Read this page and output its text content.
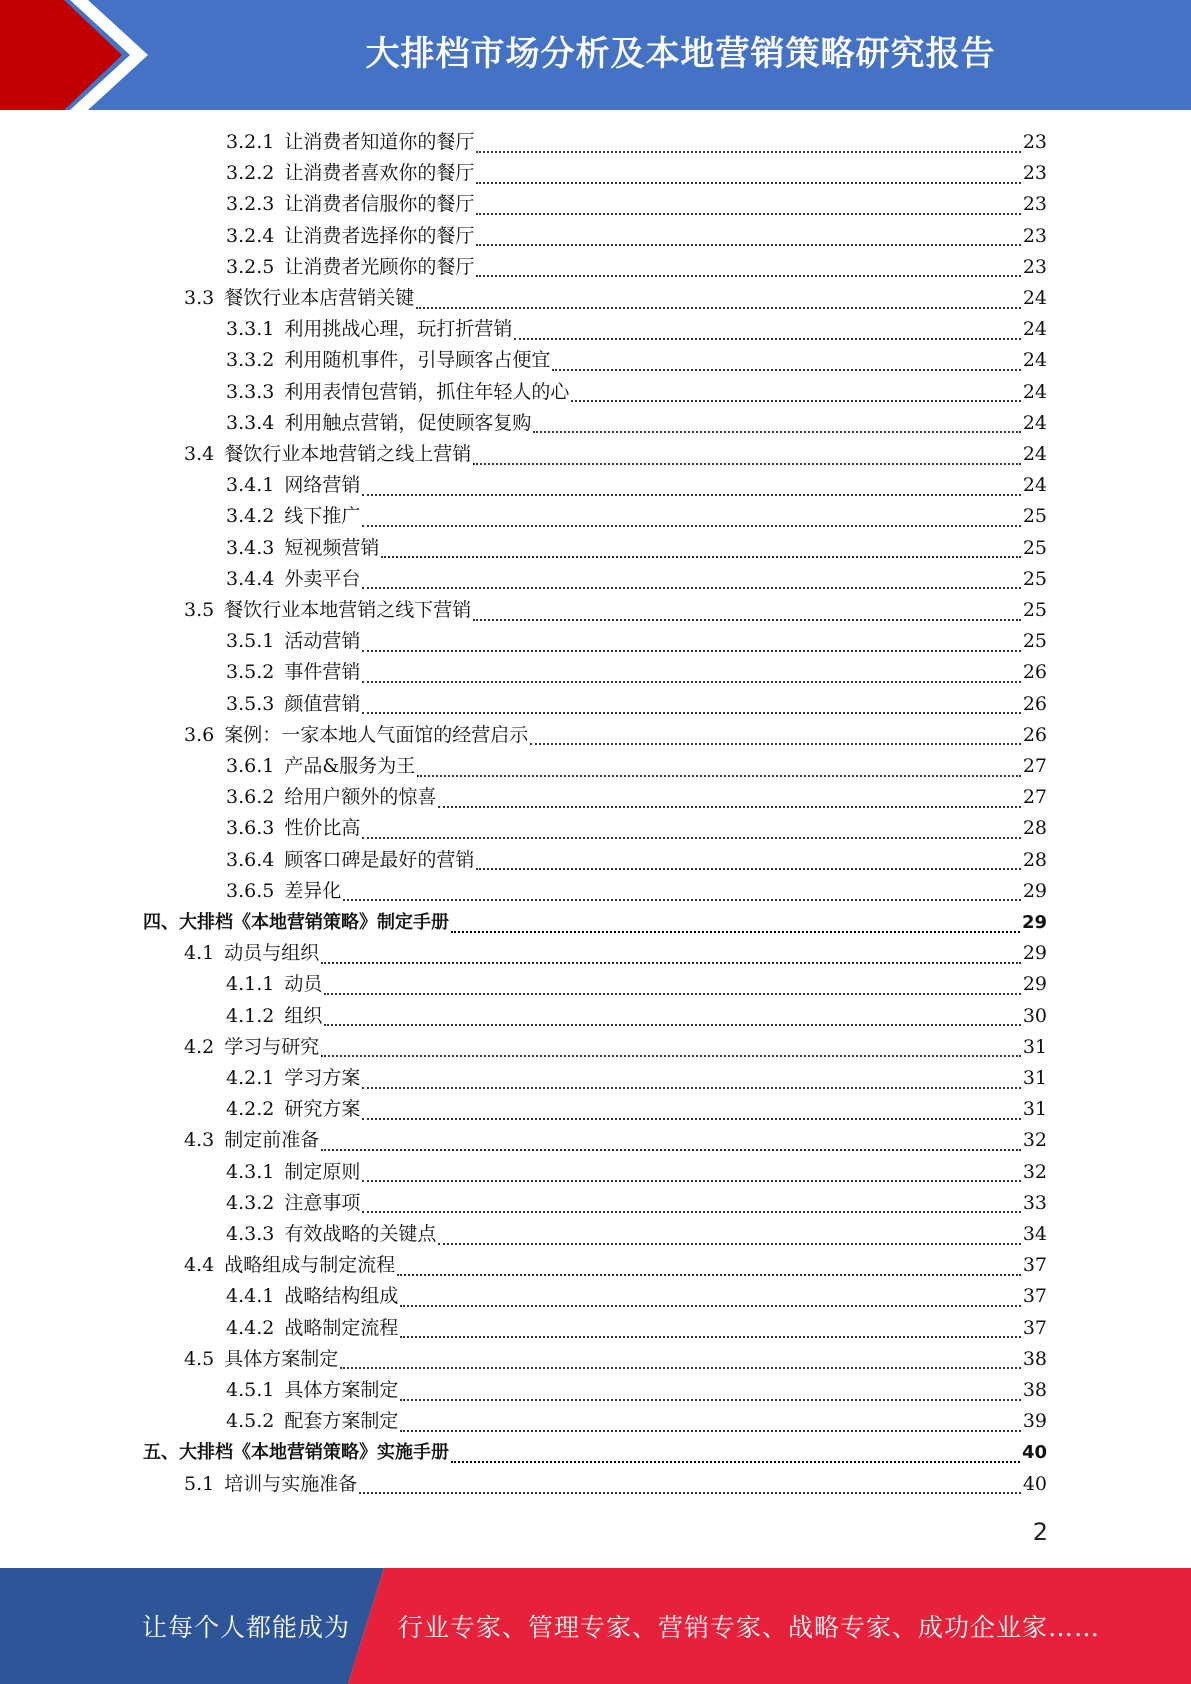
大排档市场分析及本地营销策略研究报告
3.2.1 让消费者知道你的餐厅	23
3.2.2 让消费者喜欢你的餐厅	23
3.2.3 让消费者信服你的餐厅	23
3.2.4 让消费者选择你的餐厅	23
3.2.5 让消费者光顾你的餐厅	23
3.3 餐饮行业本店营销关键	24
3.3.1 利用挑战心理，玩打折营销	24
3.3.2 利用随机事件，引导顾客占便宜	24
3.3.3 利用表情包营销，抓住年轻人的心	24
3.3.4 利用触点营销，促使顾客复购	24
3.4 餐饮行业本地营销之线上营销	24
3.4.1 网络营销	24
3.4.2 线下推广	25
3.4.3 短视频营销	25
3.4.4 外卖平台	25
3.5 餐饮行业本地营销之线下营销	25
3.5.1 活动营销	25
3.5.2 事件营销	26
3.5.3 颜值营销	26
3.6 案例：一家本地人气面馆的经营启示	26
3.6.1 产品&服务为王	27
3.6.2 给用户额外的惊喜	27
3.6.3 性价比高	28
3.6.4 顾客口碑是最好的营销	28
3.6.5 差异化	29
四、大排档《本地营销策略》制定手册	29
4.1 动员与组织	29
4.1.1 动员	29
4.1.2 组织	30
4.2 学习与研究	31
4.2.1 学习方案	31
4.2.2 研究方案	31
4.3 制定前准备	32
4.3.1 制定原则	32
4.3.2 注意事项	33
4.3.3 有效战略的关键点	34
4.4 战略组成与制定流程	37
4.4.1 战略结构组成	37
4.4.2 战略制定流程	37
4.5 具体方案制定	38
4.5.1 具体方案制定	38
4.5.2 配套方案制定	39
五、大排档《本地营销策略》实施手册	40
5.1 培训与实施准备	40
2
让每个人都能成为 行业专家、管理专家、营销专家、战略专家、成功企业家……
